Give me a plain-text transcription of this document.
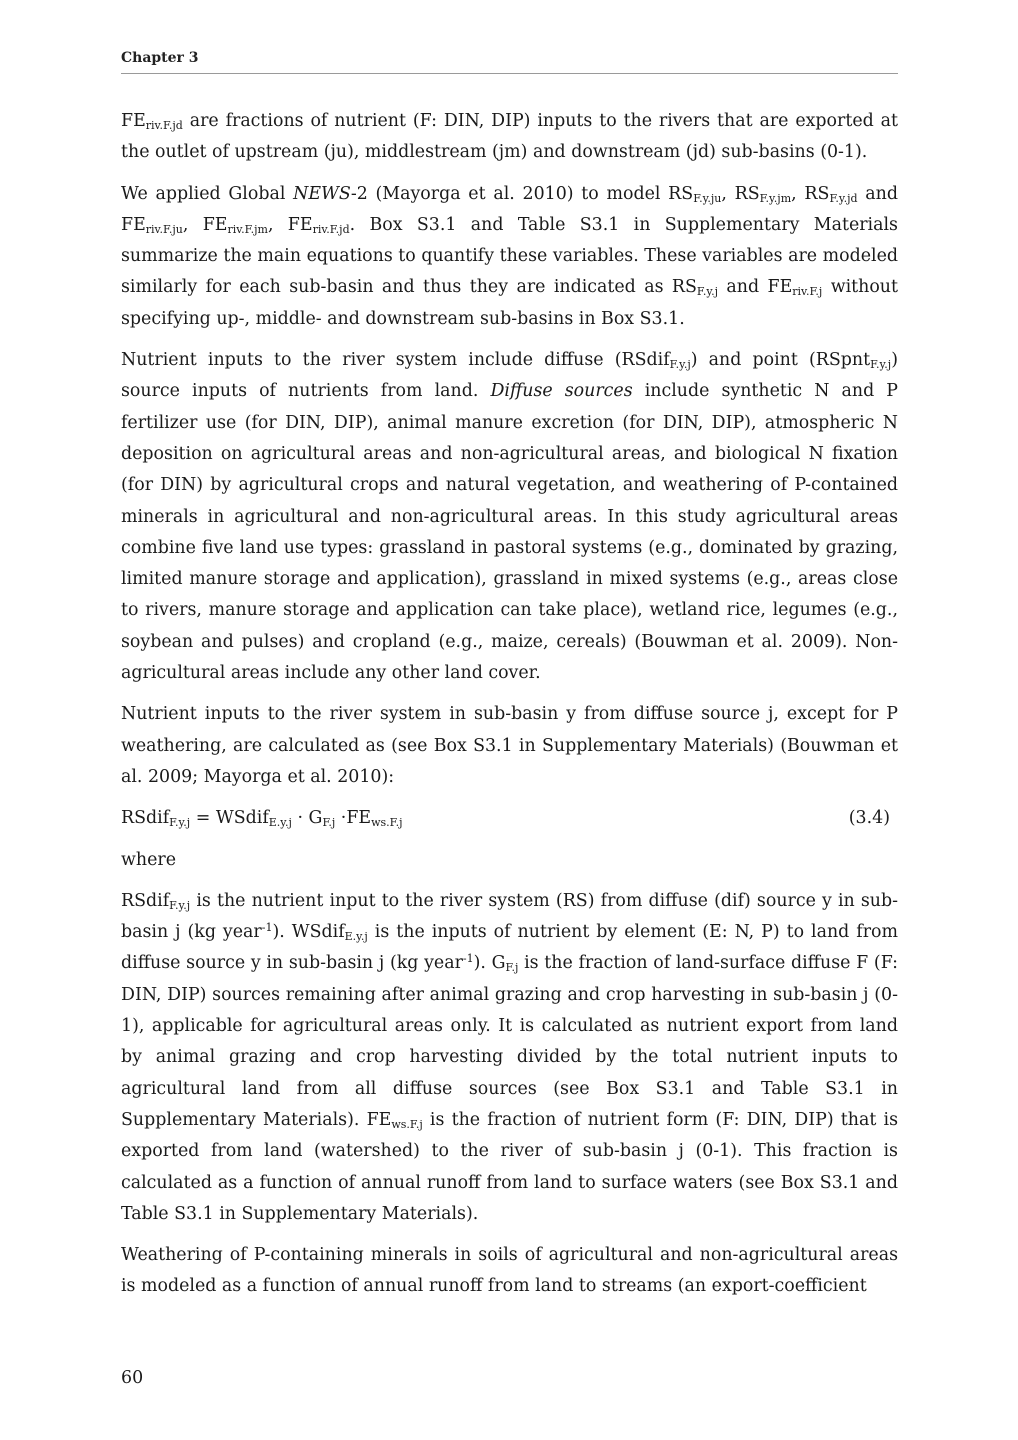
Chapter 3

$FE_{riv.F.jd}$ are fractions of nutrient (F: DIN, DIP) inputs to the rivers that are exported at the outlet of upstream (ju), middlestream (jm) and downstream (jd) sub-basins (0-1).

We applied Global NEWS-2 (Mayorga et al. 2010) to model $RS_{F.y.ju}$, $RS_{F.y.jm}$, $RS_{F.y.jd}$ and $FE_{riv.F.ju}$, $FE_{riv.F.jm}$, $FE_{riv.F.jd}$. Box S3.1 and Table S3.1 in Supplementary Materials summarize the main equations to quantify these variables. These variables are modeled similarly for each sub-basin and thus they are indicated as $RS_{F.y.j}$ and $FE_{riv.F.j}$ without specifying up-, middle- and downstream sub-basins in Box S3.1.

Nutrient inputs to the river system include diffuse (RSdif$_{F.y.j}$) and point (RSpnt$_{F.y.j}$) source inputs of nutrients from land. Diffuse sources include synthetic N and P fertilizer use (for DIN, DIP), animal manure excretion (for DIN, DIP), atmospheric N deposition on agricultural areas and non-agricultural areas, and biological N fixation (for DIN) by agricultural crops and natural vegetation, and weathering of P-contained minerals in agricultural and non-agricultural areas. In this study agricultural areas combine five land use types: grassland in pastoral systems (e.g., dominated by grazing, limited manure storage and application), grassland in mixed systems (e.g., areas close to rivers, manure storage and application can take place), wetland rice, legumes (e.g., soybean and pulses) and cropland (e.g., maize, cereals) (Bouwman et al. 2009). Non-agricultural areas include any other land cover.

Nutrient inputs to the river system in sub-basin y from diffuse source j, except for P weathering, are calculated as (see Box S3.1 in Supplementary Materials) (Bouwman et al. 2009; Mayorga et al. 2010):

RSdif$_{F.y.j}$ = WSdif$_{E.y.j}$ · $G_{F.j} \cdot FE_{ws.F.j}$	(3.4)

where

RSdif$_{F.y.j}$ is the nutrient input to the river system (RS) from diffuse (dif) source y in sub-basin j (kg year$^{-1}$). WSdif$_{E.y.j}$ is the inputs of nutrient by element (E: N, P) to land from diffuse source y in sub-basin j (kg year$^{-1}$). $G_{F.j}$ is the fraction of land-surface diffuse F (F: DIN, DIP) sources remaining after animal grazing and crop harvesting in sub-basin j (0-1), applicable for agricultural areas only. It is calculated as nutrient export from land by animal grazing and crop harvesting divided by the total nutrient inputs to agricultural land from all diffuse sources (see Box S3.1 and Table S3.1 in Supplementary Materials). $FE_{ws.F.j}$ is the fraction of nutrient form (F: DIN, DIP) that is exported from land (watershed) to the river of sub-basin j (0-1). This fraction is calculated as a function of annual runoff from land to surface waters (see Box S3.1 and Table S3.1 in Supplementary Materials).

Weathering of P-containing minerals in soils of agricultural and non-agricultural areas is modeled as a function of annual runoff from land to streams (an export-coefficient

60
